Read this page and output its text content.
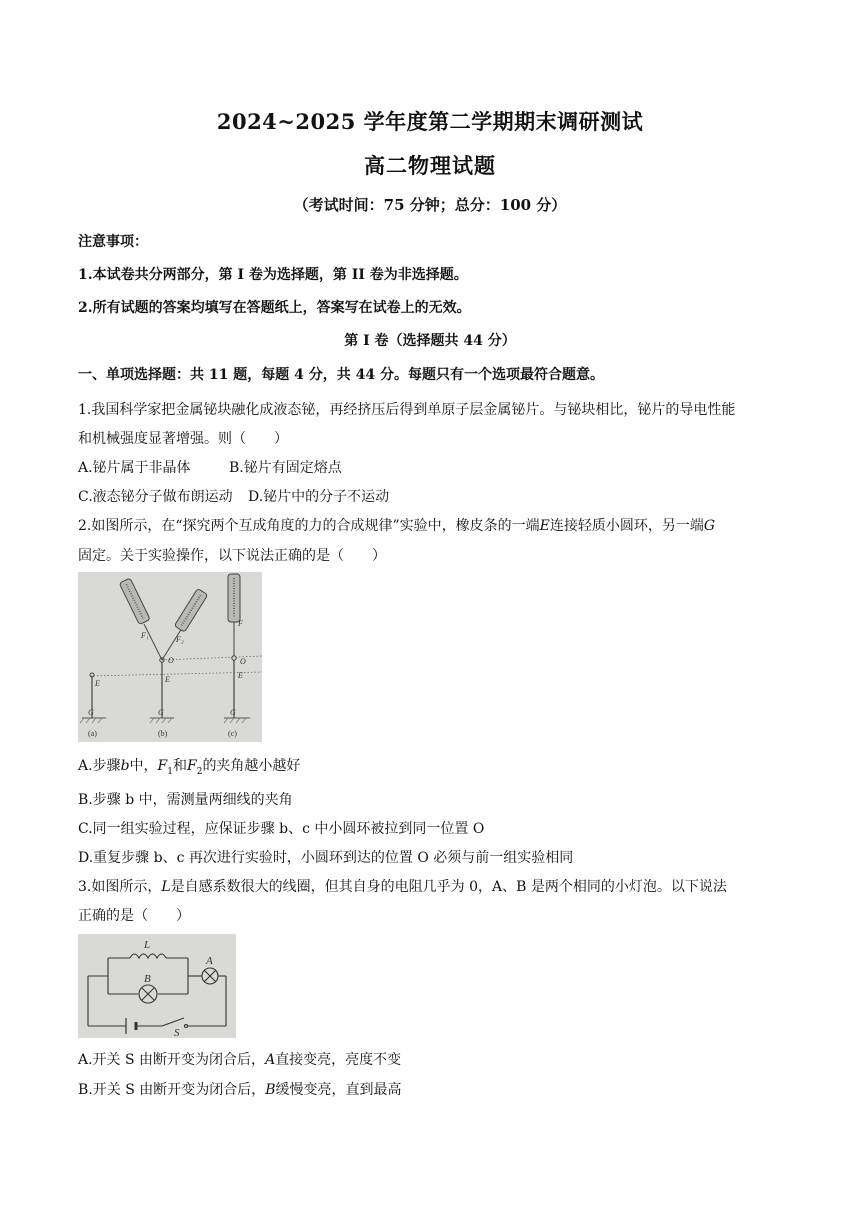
2024~2025 学年度第二学期期末调研测试
高二物理试题
（考试时间：75 分钟；总分：100 分）
注意事项：
1.本试卷共分两部分，第 I 卷为选择题，第 II 卷为非选择题。
2.所有试题的答案均填写在答题纸上，答案写在试卷上的无效。
第 I 卷（选择题共 44 分）
一、单项选择题：共 11 题，每题 4 分，共 44 分。每题只有一个选项最符合题意。
1.我国科学家把金属铋块融化成液态铋，再经挤压后得到单原子层金属铋片。与铋块相比，铋片的导电性能
和机械强度显著增强。则（　　）
A.铋片属于非晶体	B.铋片有固定熔点
C.液态铋分子做布朗运动 D.铋片中的分子不运动
2.如图所示，在“探究两个互成角度的力的合成规律”实验中，橡皮条的一端E连接轻质小圆环，另一端G
固定。关于实验操作，以下说法正确的是（　　）
F₁	F₂
F
O	O
E	E	E
G	G	G
(a)	(b)	(c)
A.步骤b中，$F_1$和$F_2$的夹角越小越好
B.步骤 b 中，需测量两细线的夹角
C.同一组实验过程，应保证步骤 b、c 中小圆环被拉到同一位置 O
D.重复步骤 b、c 再次进行实验时，小圆环到达的位置 O 必须与前一组实验相同
3.如图所示，L是自感系数很大的线圈，但其自身的电阻几乎为 0，A、B 是两个相同的小灯泡。以下说法
正确的是（　　）
L
A
B
S
A.开关 S 由断开变为闭合后，A直接变亮，亮度不变
B.开关 S 由断开变为闭合后，B缓慢变亮，直到最高
